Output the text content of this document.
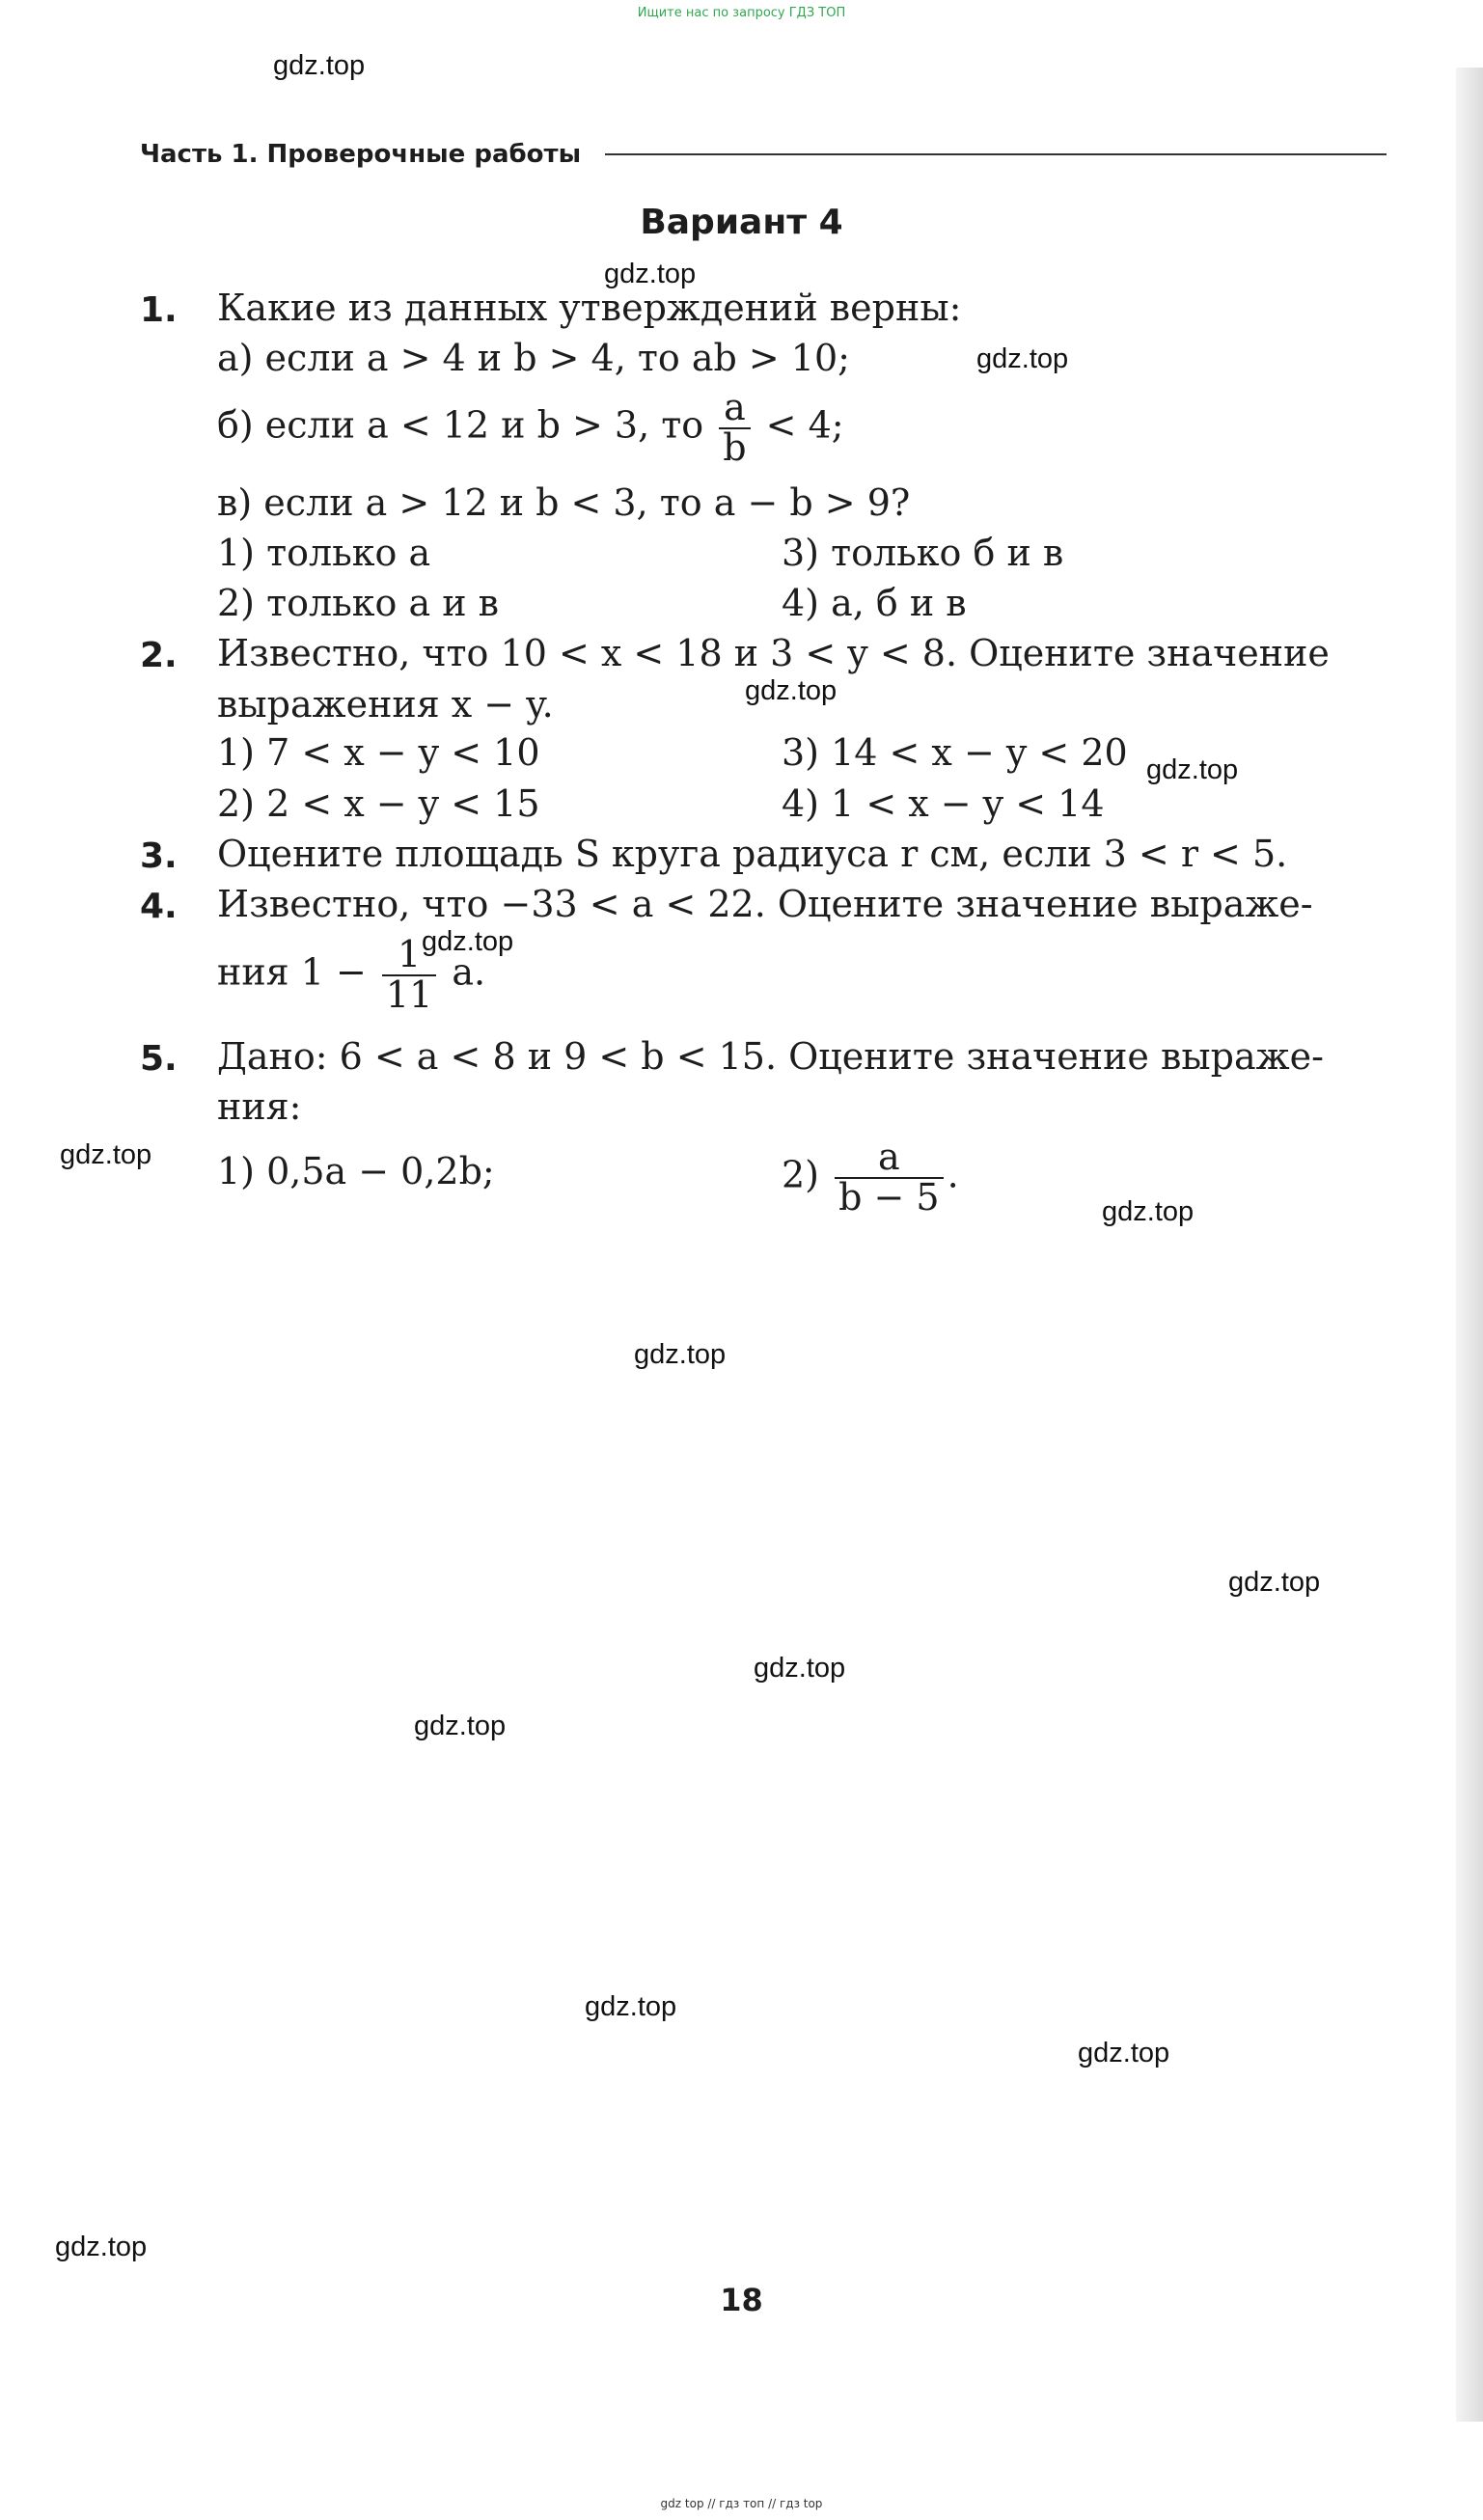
Ищите нас по запросу ГДЗ ТОП
gdz.top
gdz.top
gdz.top
gdz.top
gdz.top
gdz.top
gdz.top
gdz.top
gdz.top
gdz.top
gdz.top
gdz.top
gdz.top
gdz.top
gdz.top
Часть 1. Проверочные работы
Вариант 4
1. Какие из данных утверждений верны:
а) если a > 4 и b > 4, то ab > 10;
б) если a < 12 и b > 3, то $\frac{a}{b} < 4$;
в) если a > 12 и b < 3, то a − b > 9?
1) только a	3) только б и в
2) только a и в	4) a, б и в
2. Известно, что 10 < x < 18 и 3 < y < 8. Оцените значение
выражения x − y.
1) 7 < x − y < 10	3) 14 < x − y < 20
2) 2 < x − y < 15	4) 1 < x − y < 14
3. Оцените площадь S круга радиуса r см, если 3 < r < 5.
4. Известно, что −33 < a < 22. Оцените значение выраже-
ния $1 - \frac{1}{11} a$.
5. Дано: 6 < a < 8 и 9 < b < 15. Оцените значение выраже-
ния:
1) 0,5a − 0,2b;	$2) \frac{a}{b - 5}$ .
18
gdz top // гдз топ // гдз top
